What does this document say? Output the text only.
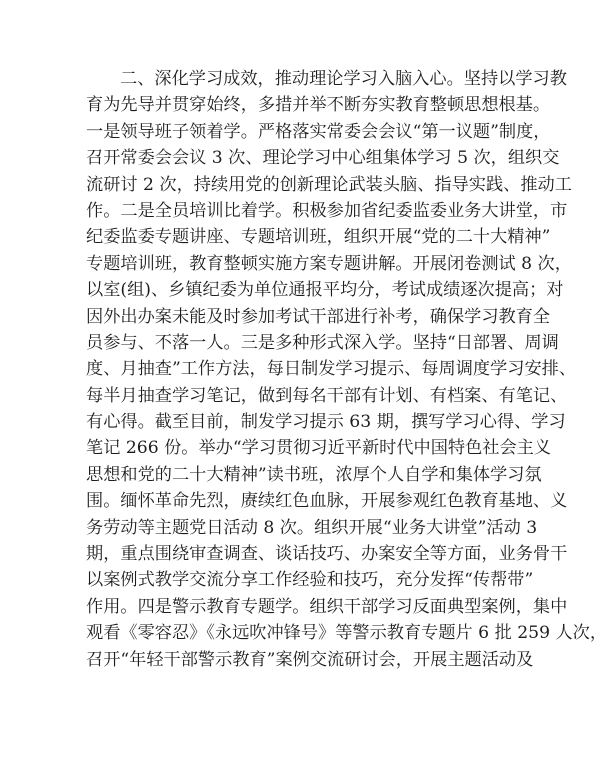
二、深化学习成效，推动理论学习入脑入心。坚持以学习教
育为先导并贯穿始终，多措并举不断夯实教育整顿思想根基。
一是领导班子领着学。严格落实常委会会议“第一议题”制度，
召开常委会会议 3 次、理论学习中心组集体学习 5 次，组织交
流研讨 2 次，持续用党的创新理论武装头脑、指导实践、推动工
作。二是全员培训比着学。积极参加省纪委监委业务大讲堂，市
纪委监委专题讲座、专题培训班，组织开展“党的二十大精神”
专题培训班，教育整顿实施方案专题讲解。开展闭卷测试 8 次，
以室(组)、乡镇纪委为单位通报平均分，考试成绩逐次提高；对
因外出办案未能及时参加考试干部进行补考，确保学习教育全
员参与、不落一人。三是多种形式深入学。坚持“日部署、周调
度、月抽查”工作方法，每日制发学习提示、每周调度学习安排、
每半月抽查学习笔记，做到每名干部有计划、有档案、有笔记、
有心得。截至目前，制发学习提示 63 期，撰写学习心得、学习
笔记 266 份。举办“学习贯彻习近平新时代中国特色社会主义
思想和党的二十大精神”读书班，浓厚个人自学和集体学习氛
围。缅怀革命先烈，赓续红色血脉，开展参观红色教育基地、义
务劳动等主题党日活动 8 次。组织开展“业务大讲堂”活动 3
期，重点围绕审查调查、谈话技巧、办案安全等方面，业务骨干
以案例式教学交流分享工作经验和技巧，充分发挥“传帮带”
作用。四是警示教育专题学。组织干部学习反面典型案例，集中
观看《零容忍》《永远吹冲锋号》等警示教育专题片 6 批 259 人次，
召开“年轻干部警示教育”案例交流研讨会，开展主题活动及
